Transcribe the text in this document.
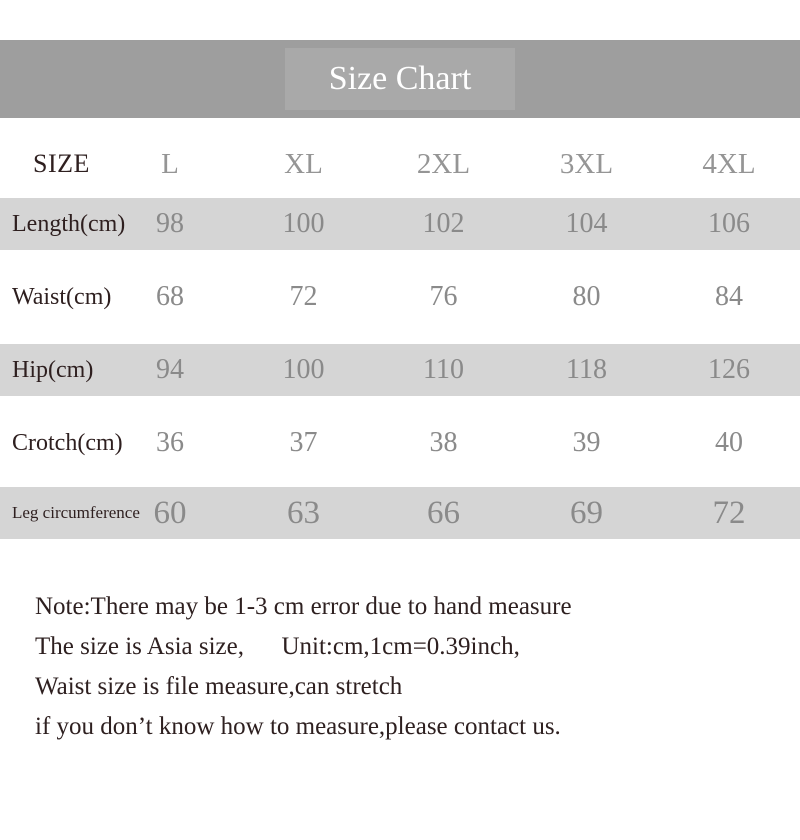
Size Chart
SIZE	L	XL	2XL	3XL	4XL
Length(cm)	98	100	102	104	106
Waist(cm)	68	72	76	80	84
Hip(cm)	94	100	110	118	126
Crotch(cm)	36	37	38	39	40
Leg circumference 60	63	66	69	72
Note:There may be 1-3 cm error due to hand measure
The size is Asia size,      Unit:cm,1cm=0.39inch,
Waist size is file measure,can stretch
if you don’t know how to measure,please contact us.
